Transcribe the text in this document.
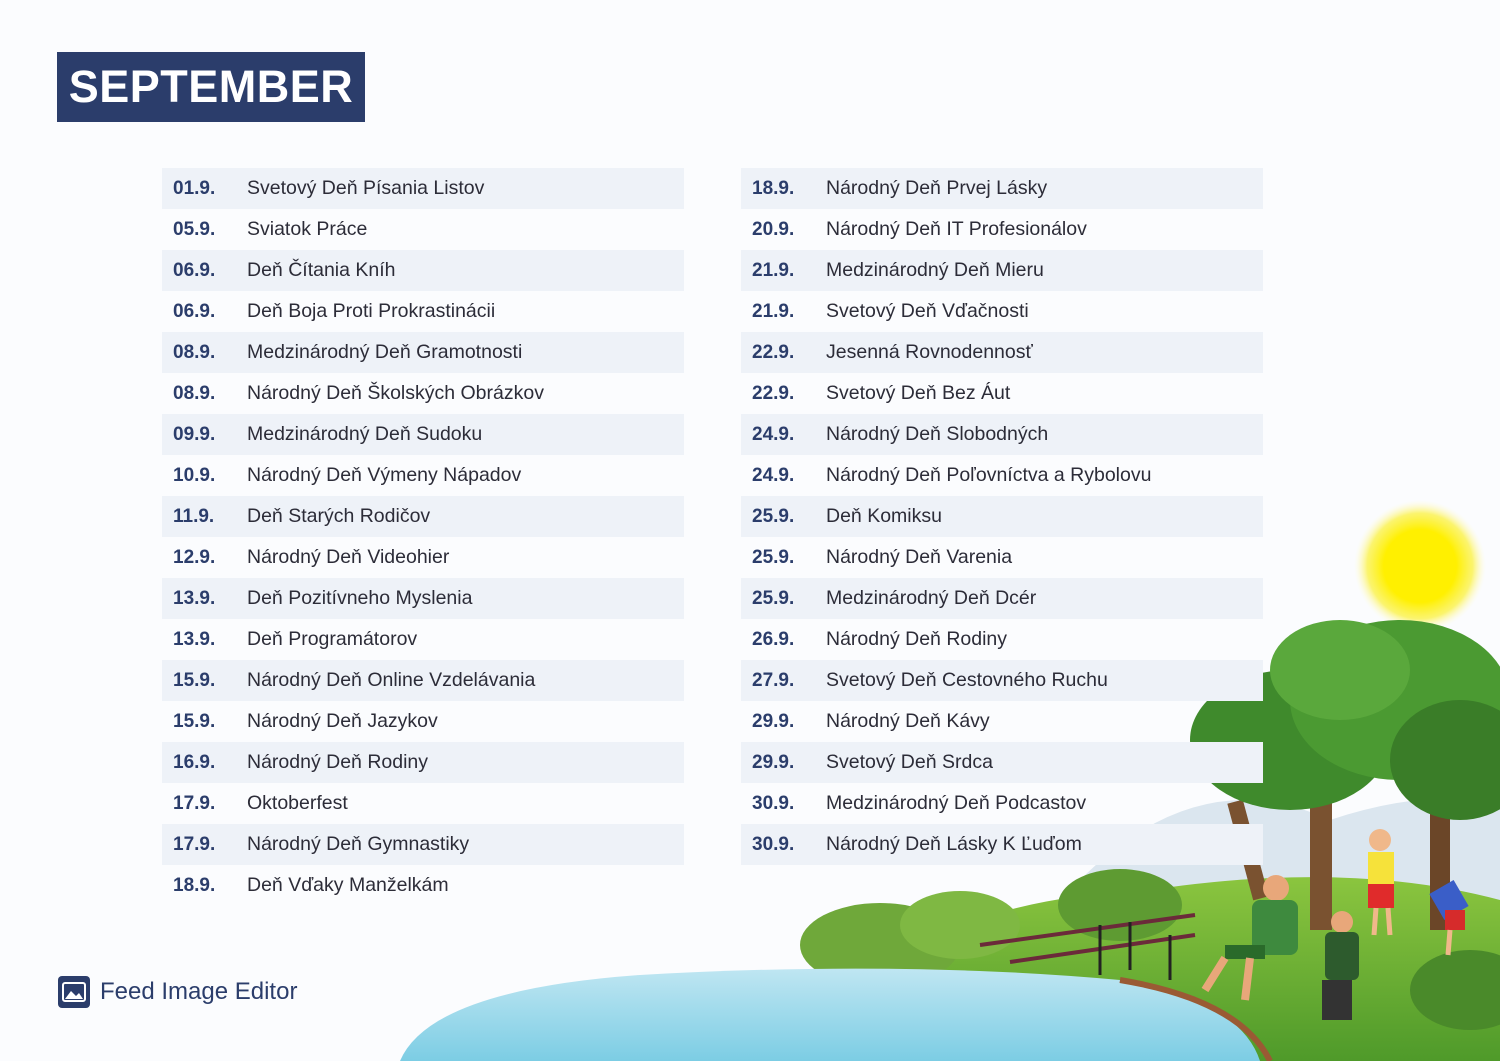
SEPTEMBER
01.9.	Svetový Deň Písania Listov
05.9.	Sviatok Práce
06.9.	Deň Čítania Kníh
06.9.	Deň Boja Proti Prokrastinácii
08.9.	Medzinárodný Deň Gramotnosti
08.9.	Národný Deň Školských Obrázkov
09.9.	Medzinárodný Deň Sudoku
10.9.	Národný Deň Výmeny Nápadov
11.9.	Deň Starých Rodičov
12.9.	Národný Deň Videohier
13.9.	Deň Pozitívneho Myslenia
13.9.	Deň Programátorov
15.9.	Národný Deň Online Vzdelávania
15.9.	Národný Deň Jazykov
16.9.	Národný Deň Rodiny
17.9.	Oktoberfest
17.9.	Národný Deň Gymnastiky
18.9.	Deň Vďaky Manželkám
18.9.	Národný Deň Prvej Lásky
20.9.	Národný Deň IT Profesionálov
21.9.	Medzinárodný Deň Mieru
21.9.	Svetový Deň Vďačnosti
22.9.	Jesenná Rovnodennosť
22.9.	Svetový Deň Bez Áut
24.9.	Národný Deň Slobodných
24.9.	Národný Deň Poľovníctva a Rybolovu
25.9.	Deň Komiksu
25.9.	Národný Deň Varenia
25.9.	Medzinárodný Deň Dcér
26.9.	Národný Deň Rodiny
27.9.	Svetový Deň Cestovného Ruchu
29.9.	Národný Deň Kávy
29.9.	Svetový Deň Srdca
30.9.	Medzinárodný Deň Podcastov
30.9.	Národný Deň Lásky K Ľuďom
Feed Image Editor
